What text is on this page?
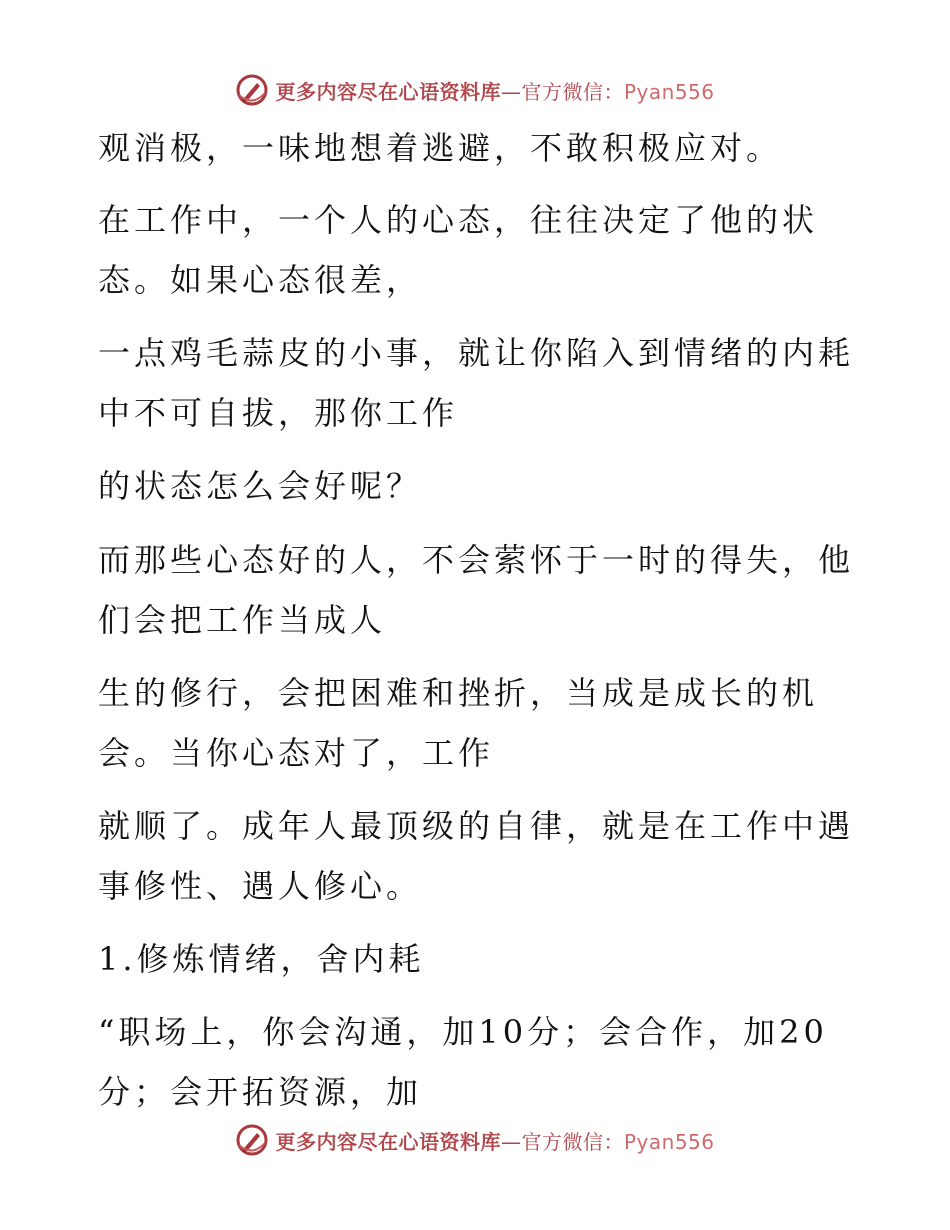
更多内容尽在心语资料库—官方微信：Pyan556
观消极，一味地想着逃避，不敢积极应对。
在工作中，一个人的心态，往往决定了他的状
态。如果心态很差，
一点鸡毛蒜皮的小事，就让你陷入到情绪的内耗
中不可自拔，那你工作
的状态怎么会好呢？
而那些心态好的人，不会萦怀于一时的得失，他
们会把工作当成人
生的修行，会把困难和挫折，当成是成长的机
会。当你心态对了，工作
就顺了。成年人最顶级的自律，就是在工作中遇
事修性、遇人修心。
1.修炼情绪，舍内耗
“职场上，你会沟通，加10分；会合作，加20
分；会开拓资源，加
更多内容尽在心语资料库—官方微信：Pyan556
